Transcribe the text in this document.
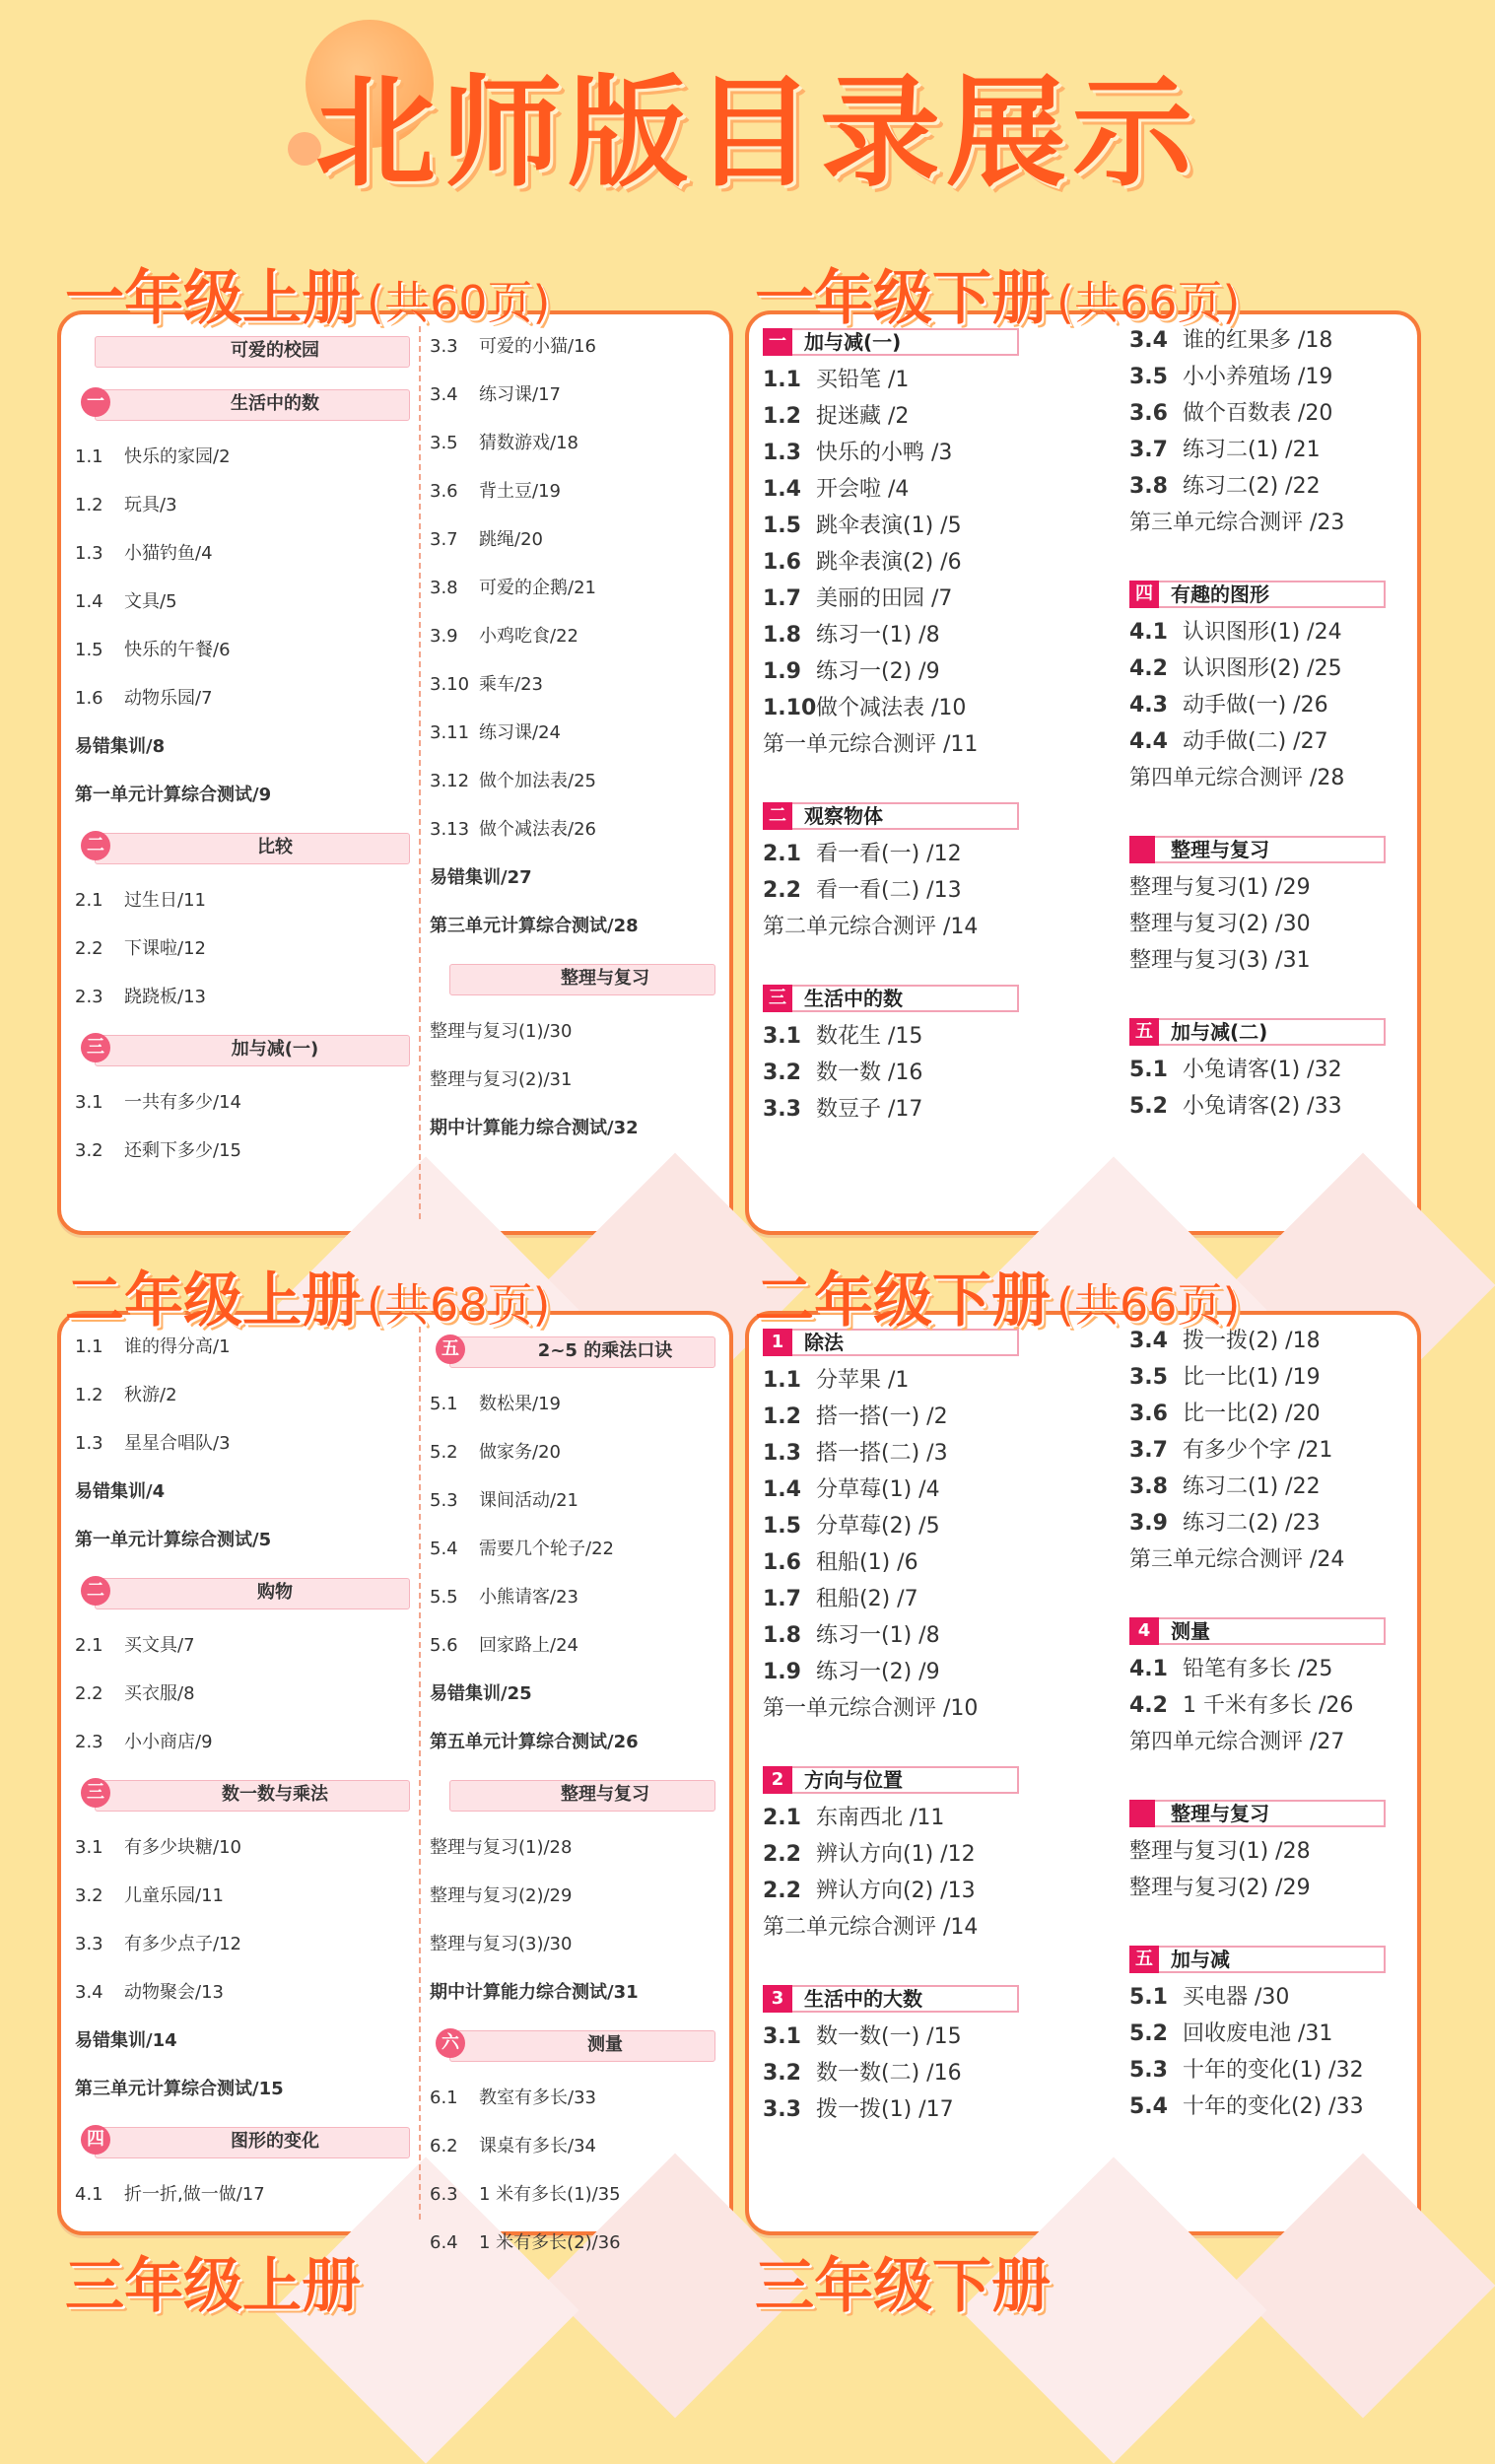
北师版目录展示
可爱的校园
一	生活中的数
1.1 快乐的家园/2
1.2 玩具/3
1.3 小猫钓鱼/4
1.4 文具/5
1.5 快乐的午餐/6
1.6 动物乐园/7
易错集训/8
第一单元计算综合测试/9
二	比较
2.1 过生日/11
2.2 下课啦/12
2.3 跷跷板/13
三	加与减(一)
3.1 一共有多少/14
3.2 还剩下多少/15
3.3 可爱的小猫/16
3.4 练习课/17
3.5 猜数游戏/18
3.6 背土豆/19
3.7 跳绳/20
3.8 可爱的企鹅/21
3.9 小鸡吃食/22
3.10 乘车/23
3.11 练习课/24
3.12 做个加法表/25
3.13 做个减法表/26
易错集训/27
第三单元计算综合测试/28
整理与复习
整理与复习(1)/30
整理与复习(2)/31
期中计算能力综合测试/32
一 加与减(一)
1.1 买铅笔 /1
1.2 捉迷藏 /2
1.3 快乐的小鸭 /3
1.4 开会啦 /4
1.5 跳伞表演(1) /5
1.6 跳伞表演(2) /6
1.7 美丽的田园 /7
1.8 练习一(1) /8
1.9 练习一(2) /9
1.10做个减法表 /10
第一单元综合测评 /11
二 观察物体
2.1 看一看(一) /12
2.2 看一看(二) /13
第二单元综合测评 /14
三 生活中的数
3.1 数花生 /15
3.2 数一数 /16
3.3 数豆子 /17
3.4 谁的红果多 /18
3.5 小小养殖场 /19
3.6 做个百数表 /20
3.7 练习二(1) /21
3.8 练习二(2) /22
第三单元综合测评 /23
四 有趣的图形
4.1 认识图形(1) /24
4.2 认识图形(2) /25
4.3 动手做(一) /26
4.4 动手做(二) /27
第四单元综合测评 /28
整理与复习
整理与复习(1) /29
整理与复习(2) /30
整理与复习(3) /31
五 加与减(二)
5.1 小兔请客(1) /32
5.2 小兔请客(2) /33
1.1 谁的得分高/1
1.2 秋游/2
1.3 星星合唱队/3
易错集训/4
第一单元计算综合测试/5
二	购物
2.1 买文具/7
2.2 买衣服/8
2.3 小小商店/9
三	数一数与乘法
3.1 有多少块糖/10
3.2 儿童乐园/11
3.3 有多少点子/12
3.4 动物聚会/13
易错集训/14
第三单元计算综合测试/15
四	图形的变化
4.1 折一折,做一做/17
五	2~5 的乘法口诀
5.1 数松果/19
5.2 做家务/20
5.3 课间活动/21
5.4 需要几个轮子/22
5.5 小熊请客/23
5.6 回家路上/24
易错集训/25
第五单元计算综合测试/26
整理与复习
整理与复习(1)/28
整理与复习(2)/29
整理与复习(3)/30
期中计算能力综合测试/31
六	测量
6.1 教室有多长/33
6.2 课桌有多长/34
6.3 1 米有多长(1)/35
6.4 1 米有多长(2)/36
1	除法
1.1 分苹果 /1
1.2 搭一搭(一) /2
1.3 搭一搭(二) /3
1.4 分草莓(1) /4
1.5 分草莓(2) /5
1.6 租船(1) /6
1.7 租船(2) /7
1.8 练习一(1) /8
1.9 练习一(2) /9
第一单元综合测评 /10
2	方向与位置
2.1 东南西北 /11
2.2 辨认方向(1) /12
2.2 辨认方向(2) /13
第二单元综合测评 /14
3	生活中的大数
3.1 数一数(一) /15
3.2 数一数(二) /16
3.3 拨一拨(1) /17
3.4 拨一拨(2) /18
3.5 比一比(1) /19
3.6 比一比(2) /20
3.7 有多少个字 /21
3.8 练习二(1) /22
3.9 练习二(2) /23
第三单元综合测评 /24
4	测量
4.1 铅笔有多长 /25
4.2 1 千米有多长 /26
第四单元综合测评 /27
整理与复习
整理与复习(1) /28
整理与复习(2) /29
五 加与减
5.1 买电器 /30
5.2 回收废电池 /31
5.3 十年的变化(1) /32
5.4 十年的变化(2) /33
一年级上册 (共60页)	一年级下册 (共66页)
二年级上册 (共68页)	二年级下册 (共66页)
三年级上册	三年级下册
